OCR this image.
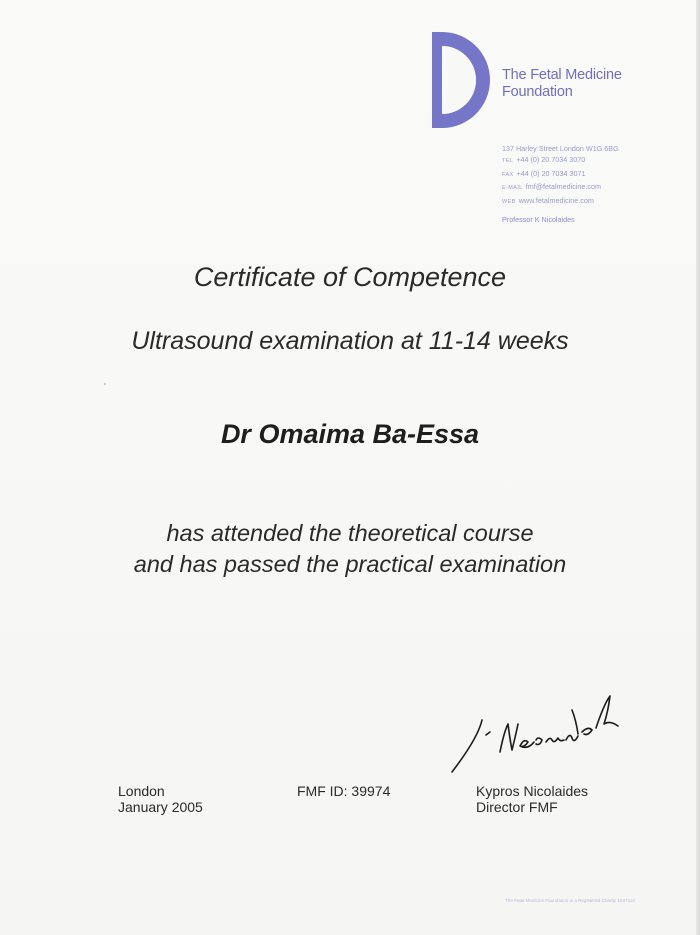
The Fetal Medicine
Foundation
137 Harley Street London W1G 6BG
TEL +44 (0) 20 7034 3070
FAX +44 (0) 20 7034 3071
E-MAIL fmf@fetalmedicine.com
WEB www.fetalmedicine.com
Professor K Nicolaides
Certificate of Competence
Ultrasound examination at 11-14 weeks
Dr Omaima Ba-Essa
has attended the theoretical course
and has passed the practical examination
London
January 2005
FMF ID: 39974	Kypros Nicolaides
Director FMF
The Fetal Medicine Foundation is a Registered Charity 1037116
